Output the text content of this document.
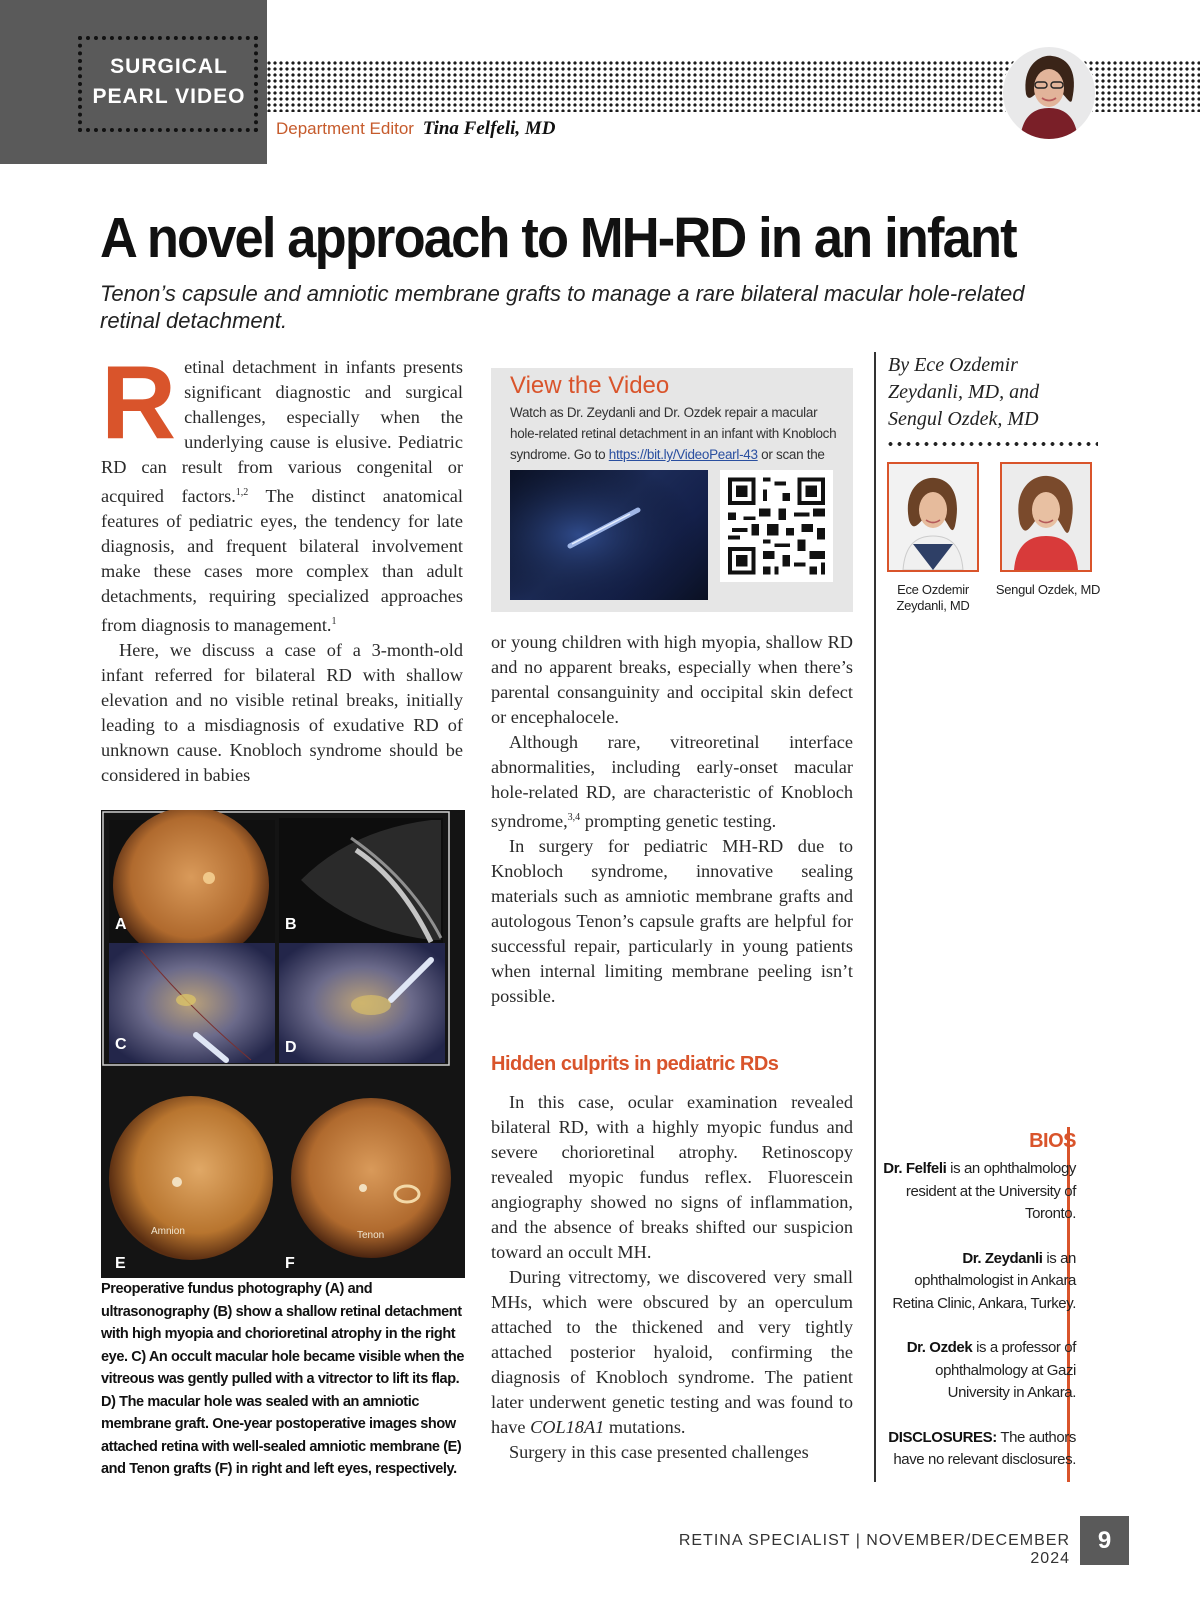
SURGICAL
PEARL VIDEO
Department Editor Tina Felfeli, MD
A novel approach to MH-RD in an infant
Tenon’s capsule and amniotic membrane grafts to manage a rare bilateral macular hole-related retinal detachment.

Retinal detachment in infants presents significant diagnostic and surgical challenges, especially when the underlying cause is elusive. Pediatric RD can result from various congenital or acquired factors.$^{1,2}$ The distinct anatomical features of pediatric eyes, the tendency for late diagnosis, and frequent bilateral involvement make these cases more complex than adult detachments, requiring specialized approaches from diagnosis to management.$^1$

Here, we discuss a case of a 3-month-old infant referred for bilateral RD with shallow elevation and no visible retinal breaks, initially leading to a misdiagnosis of exudative RD of unknown cause. Knobloch syndrome should be considered in babies

View the Video
Watch as Dr. Zeydanli and Dr. Ozdek repair a macular hole-related retinal detachment in an infant with Knobloch syndrome. Go to https://bit.ly/VideoPearl-43 or scan the
A	B
C	D
E	F
Amnion	Tenon
Preoperative fundus photography (A) and ultrasonography (B) show a shallow retinal detachment with high myopia and chorioretinal atrophy in the right eye. C) An occult macular hole became visible when the vitreous was gently pulled with a vitrector to lift its flap. D) The macular hole was sealed with an amniotic membrane graft. One-year postoperative images show attached retina with well-sealed amniotic membrane (E) and Tenon grafts (F) in right and left eyes, respectively.

or young children with high myopia, shallow RD and no apparent breaks, especially when there’s parental consanguinity and occipital skin defect or encephalocele.

Although rare, vitreoretinal interface abnormalities, including early-onset macular hole-related RD, are characteristic of Knobloch syndrome,$^{3,4}$ prompting genetic testing.

In surgery for pediatric MH-RD due to Knobloch syndrome, innovative sealing materials such as amniotic membrane grafts and autologous Tenon’s capsule grafts are helpful for successful repair, particularly in young patients when internal limiting membrane peeling isn’t possible.

Hidden culprits in pediatric RDs

In this case, ocular examination revealed bilateral RD, with a highly myopic fundus and severe chorioretinal atrophy. Retinoscopy revealed myopic fundus reflex. Fluorescein angiography showed no signs of inflammation, and the absence of breaks shifted our suspicion toward an occult MH.

During vitrectomy, we discovered very small MHs, which were obscured by an operculum attached to the thickened and very tightly attached posterior hyaloid, confirming the diagnosis of Knobloch syndrome. The patient later underwent genetic testing and was found to have COL18A1 mutations.

Surgery in this case presented challenges

By Ece Ozdemir
Zeydanli, MD, and
Sengul Ozdek, MD
Ece Ozdemir
Zeydanli, MD
Sengul Ozdek, MD
BIOS

Dr. Felfeli is an ophthalmology resident at the University of Toronto.

Dr. Zeydanli is an ophthalmologist in Ankara Retina Clinic, Ankara, Turkey.

Dr. Ozdek is a professor of ophthalmology at Gazi University in Ankara.

DISCLOSURES: The authors have no relevant disclosures.

RETINA SPECIALIST | NOVEMBER/DECEMBER 2024
9
